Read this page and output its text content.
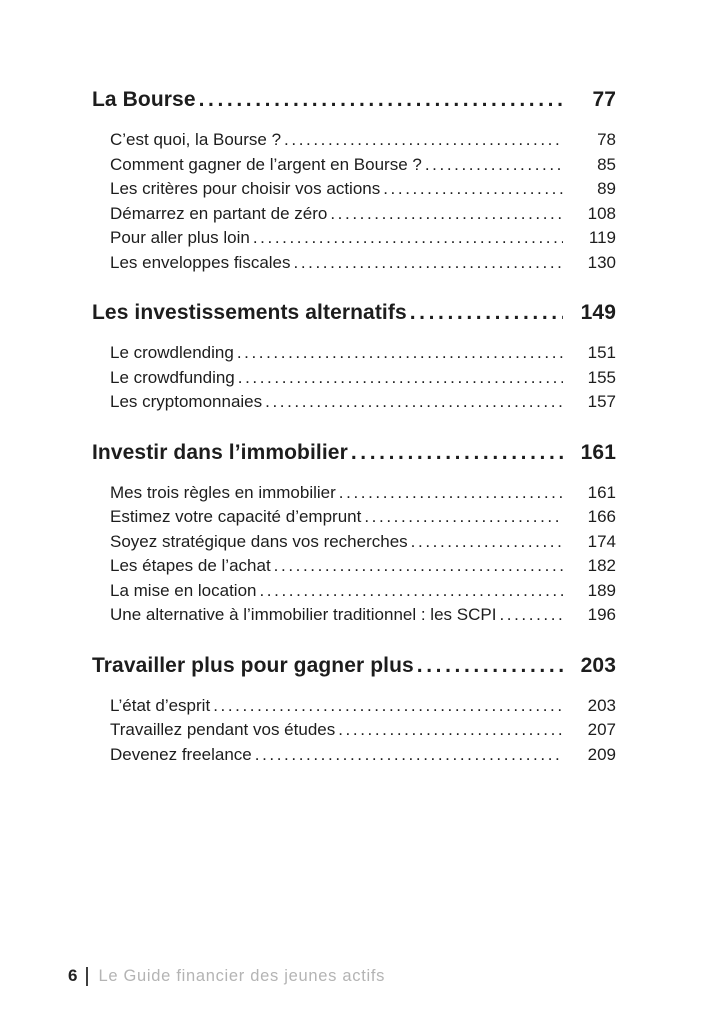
La Bourse .....	77
C’est quoi, la Bourse ? .....	78
Comment gagner de l’argent en Bourse ? .....	85
Les critères pour choisir vos actions .....	89
Démarrez en partant de zéro .....	108
Pour aller plus loin .....	119
Les enveloppes fiscales .....	130
Les investissements alternatifs .....	149
Le crowdlending .....	151
Le crowdfunding .....	155
Les cryptomonnaies .....	157
Investir dans l’immobilier .....	161
Mes trois règles en immobilier .....	161
Estimez votre capacité d’emprunt .....	166
Soyez stratégique dans vos recherches .....	174
Les étapes de l’achat .....	182
La mise en location .....	189
Une alternative à l’immobilier traditionnel : les SCPI .....	196
Travailler plus pour gagner plus .....	203
L’état d’esprit .....	203
Travaillez pendant vos études .....	207
Devenez freelance .....	209
6 Le Guide financier des jeunes actifs
